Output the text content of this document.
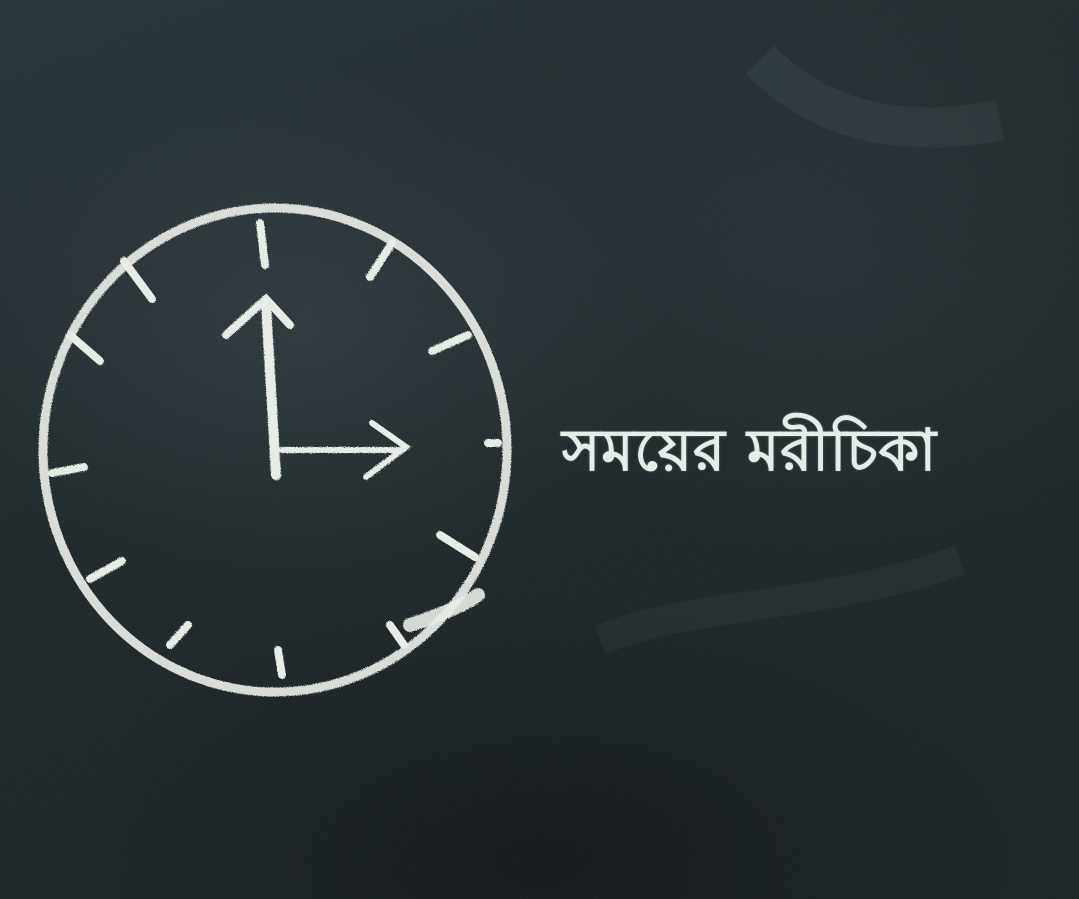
সময়ের মরীচিকা
